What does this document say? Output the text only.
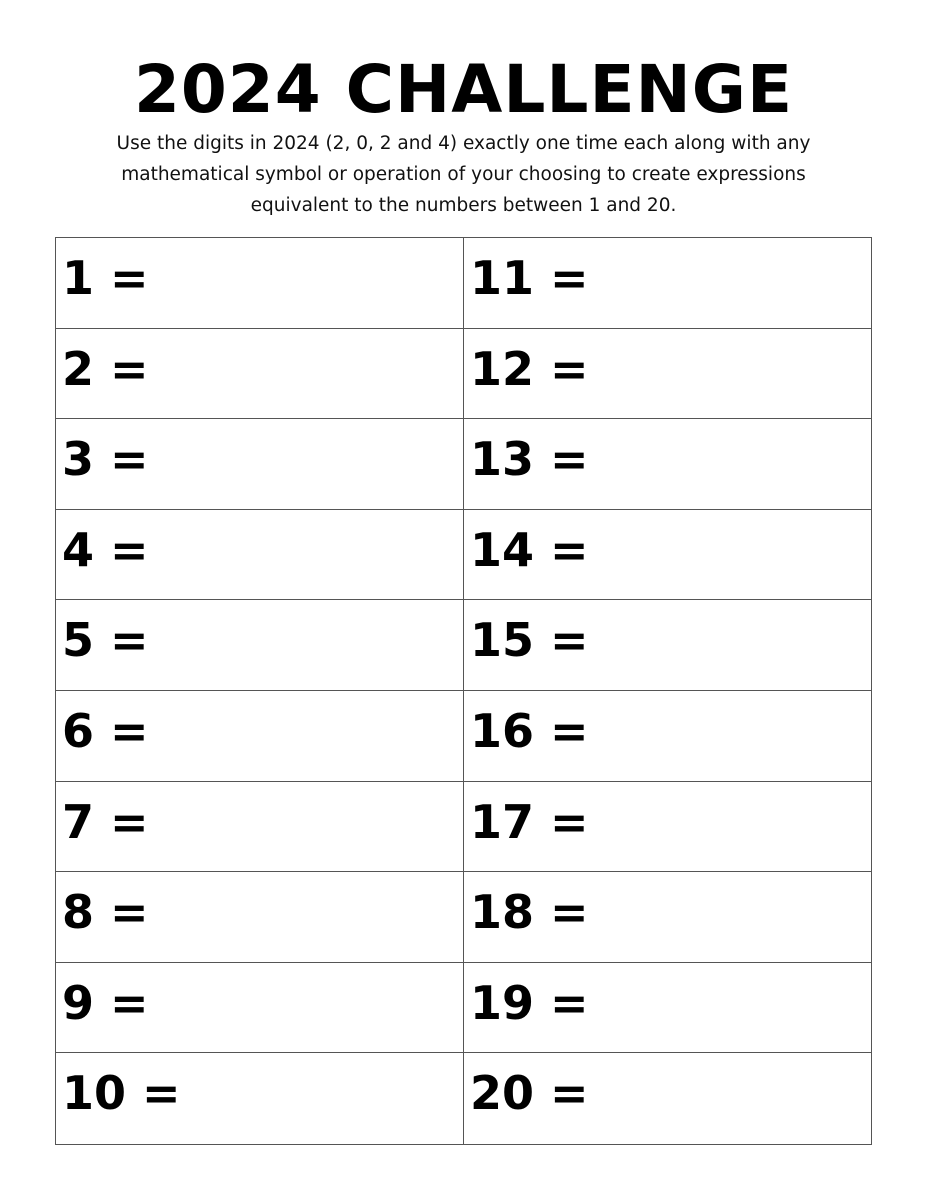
2024 CHALLENGE
Use the digits in 2024 (2, 0, 2 and 4) exactly one time each along with any mathematical symbol or operation of your choosing to create expressions equivalent to the numbers between 1 and 20.
1 =	11 =
2 =	12 =
3 =	13 =
4 =	14 =
5 =	15 =
6 =	16 =
7 =	17 =
8 =	18 =
9 =	19 =
10 =	20 =
